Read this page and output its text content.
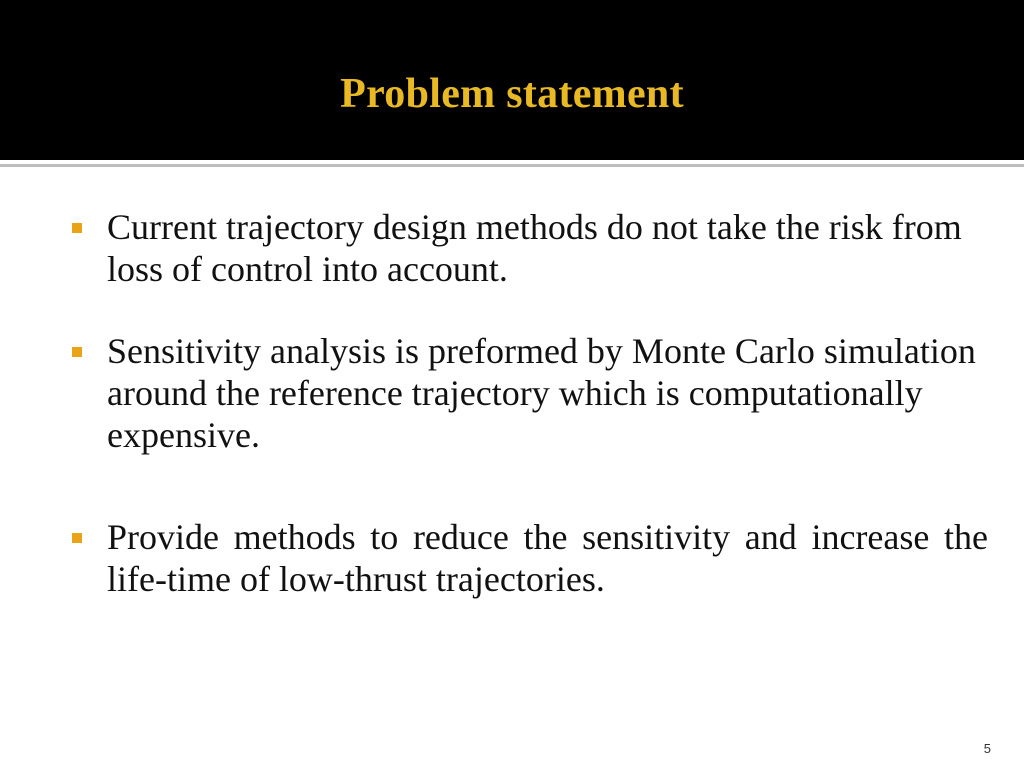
Problem statement
Current trajectory design methods do not take the risk from loss of control into account.
Sensitivity analysis is preformed by Monte Carlo simulation around the reference trajectory which is computationally expensive.
Provide methods to reduce the sensitivity and increase the life-time of low-thrust trajectories.
5
